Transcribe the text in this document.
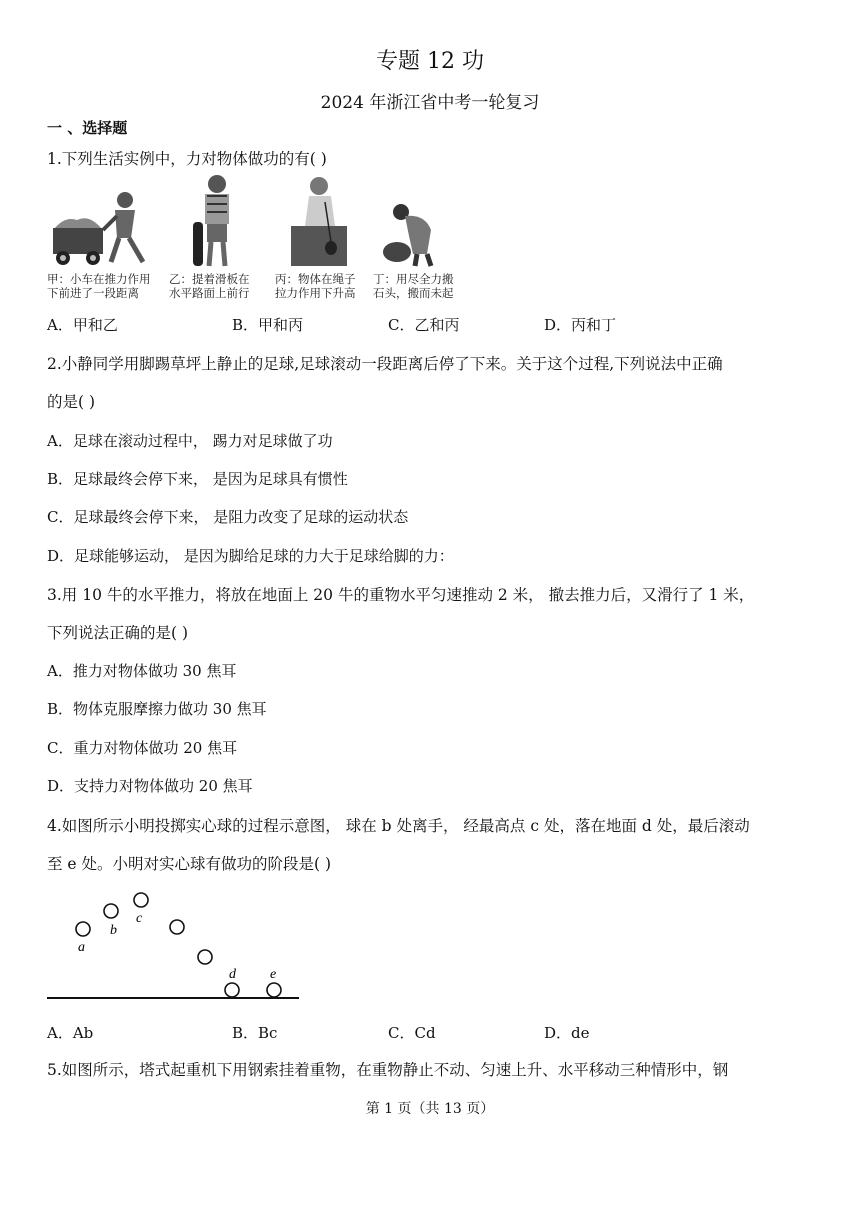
专题 12 功
2024 年浙江省中考一轮复习
一 、选择题
1.下列生活实例中，力对物体做功的有( )
甲：小车在推力作用
下前进了一段距离
乙：提着滑板在
水平路面上前行
丙：物体在绳子
拉力作用下升高
丁：用尽全力搬
石头，搬而未起
A．甲和乙	B．甲和丙	C．乙和丙	D．丙和丁
2.小静同学用脚踢草坪上静止的足球,足球滚动一段距离后停了下来。关于这个过程,下列说法中正确
的是( )
A．足球在滚动过程中， 踢力对足球做了功
B．足球最终会停下来， 是因为足球具有惯性
C．足球最终会停下来， 是阻力改变了足球的运动状态
D．足球能够运动， 是因为脚给足球的力大于足球给脚的力：
3.用 10 牛的水平推力，将放在地面上 20 牛的重物水平匀速推动 2 米， 撤去推力后，又滑行了 1 米，
下列说法正确的是( )
A．推力对物体做功 30 焦耳
B．物体克服摩擦力做功 30 焦耳
C．重力对物体做功 20 焦耳
D．支持力对物体做功 20 焦耳
4.如图所示小明投掷实心球的过程示意图， 球在 b 处离手， 经最高点 c 处，落在地面 d 处，最后滚动
至 e 处。小明对实心球有做功的阶段是( )
a
b
c
d e
A．Ab	B．Bc	C．Cd	D．de
5.如图所示，塔式起重机下用钢索挂着重物，在重物静止不动、匀速上升、水平移动三种情形中，钢
第 1 页（共 13 页）
